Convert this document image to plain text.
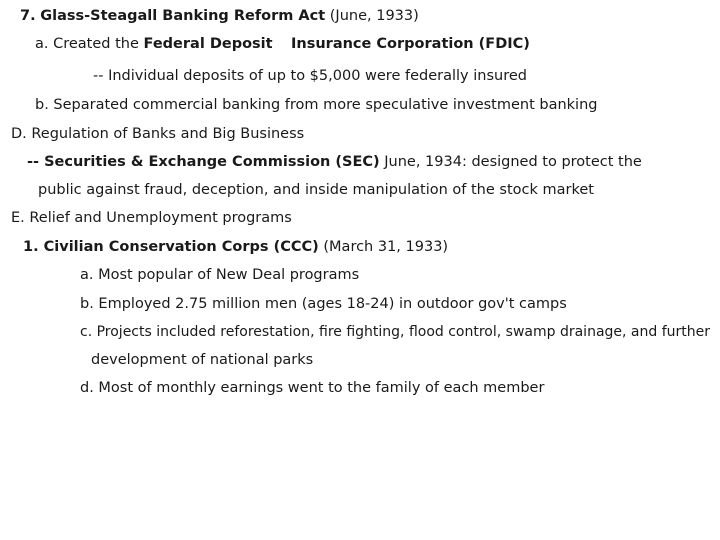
7. Glass-Steagall Banking Reform Act (June, 1933)
a. Created the Federal Deposit Insurance Corporation (FDIC)
-- Individual deposits of up to $5,000 were federally insured
b. Separated commercial banking from more speculative investment banking
D. Regulation of Banks and Big Business
-- Securities & Exchange Commission (SEC) June, 1934: designed to protect the
public against fraud, deception, and inside manipulation of the stock market
E. Relief and Unemployment programs
1. Civilian Conservation Corps (CCC) (March 31, 1933)
a. Most popular of New Deal programs
b. Employed 2.75 million men (ages 18-24) in outdoor gov't camps
c. Projects included reforestation, fire fighting, flood control, swamp drainage, and further
development of national parks
d. Most of monthly earnings went to the family of each member
